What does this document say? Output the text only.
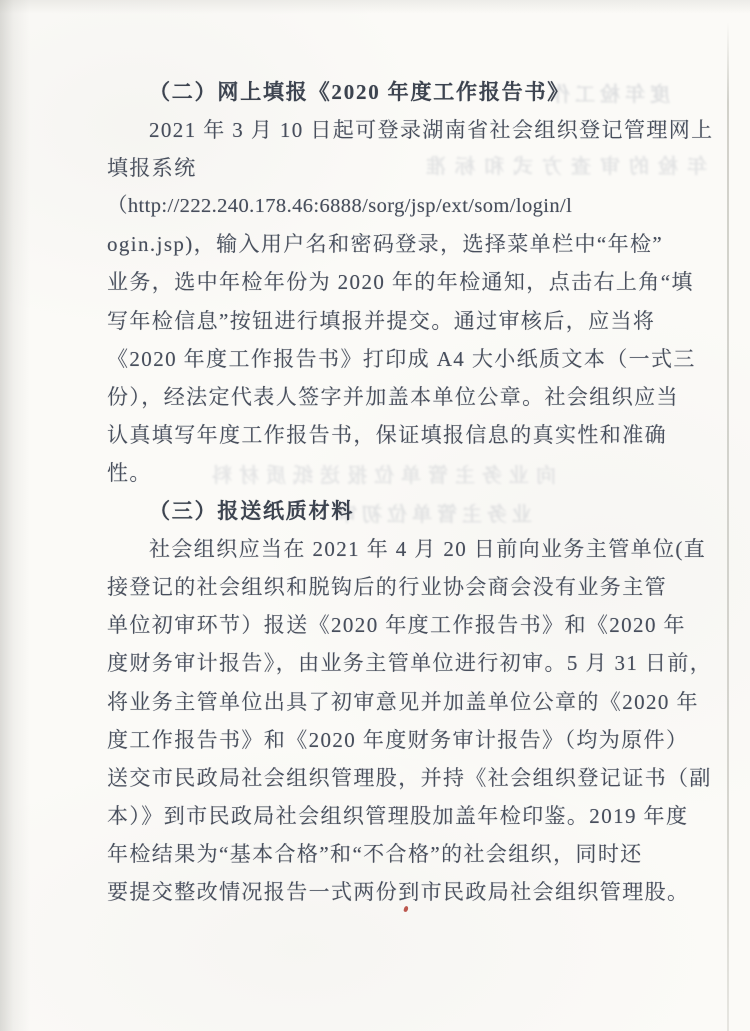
度年检工作
年检的审查方式和标准
向业务主管单位报送纸质材料
业务主管单位初审
（二）网上填报《2020 年度工作报告书》
2021 年 3 月 10 日起可登录湖南省社会组织登记管理网上
填报系统
（http://222.240.178.46:6888/sorg/jsp/ext/som/login/l
ogin.jsp)，输入用户名和密码登录，选择菜单栏中“年检”
业务，选中年检年份为 2020 年的年检通知，点击右上角“填
写年检信息”按钮进行填报并提交。通过审核后，应当将
《2020 年度工作报告书》打印成 A4 大小纸质文本（一式三
份），经法定代表人签字并加盖本单位公章。社会组织应当
认真填写年度工作报告书，保证填报信息的真实性和准确
性。
（三）报送纸质材料
社会组织应当在 2021 年 4 月 20 日前向业务主管单位(直
接登记的社会组织和脱钩后的行业协会商会没有业务主管
单位初审环节）报送《2020 年度工作报告书》和《2020 年
度财务审计报告》，由业务主管单位进行初审。5 月 31 日前，
将业务主管单位出具了初审意见并加盖单位公章的《2020 年
度工作报告书》和《2020 年度财务审计报告》（均为原件）
送交市民政局社会组织管理股，并持《社会组织登记证书（副
本）》到市民政局社会组织管理股加盖年检印鉴。2019 年度
年检结果为“基本合格”和“不合格”的社会组织，同时还
要提交整改情况报告一式两份到市民政局社会组织管理股。
